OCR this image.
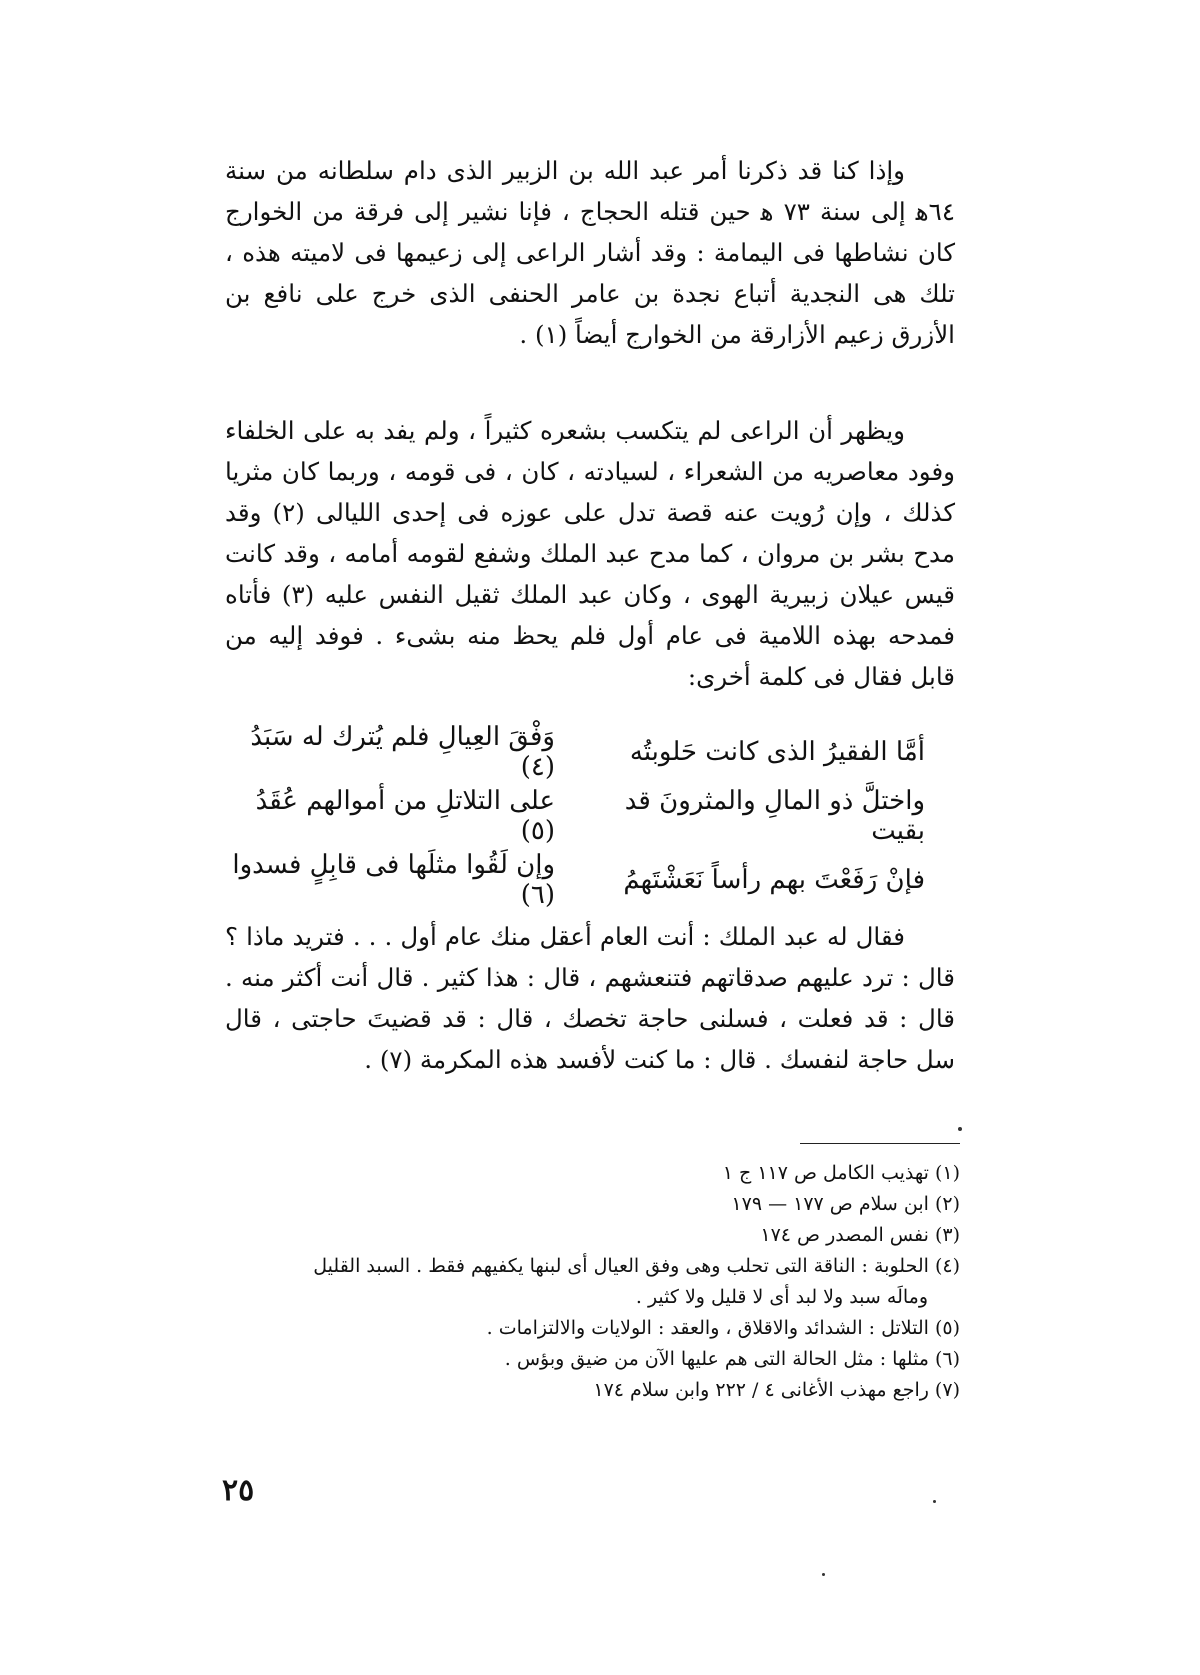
وإذا كنا قد ذكرنا أمر عبد الله بن الزبير الذى دام سلطانه من سنة ٦٤ﻫ إلى سنة ٧٣ ﻫ حين قتله الحجاج ، فإنا نشير إلى فرقة من الخوارج كان نشاطها فى اليمامة : وقد أشار الراعى إلى زعيمها فى لاميته هذه ، تلك هى النجدية أتباع نجدة بن عامر الحنفى الذى خرج على نافع بن الأزرق زعيم الأزارقة من الخوارج أيضاً (١) .

ويظهر أن الراعى لم يتكسب بشعره كثيراً ، ولم يفد به على الخلفاء وفود معاصريه من الشعراء ، لسيادته ، كان ، فى قومه ، وربما كان مثريا كذلك ، وإن رُويت عنه قصة تدل على عوزه فى إحدى الليالى (٢) وقد مدح بشر بن مروان ، كما مدح عبد الملك وشفع لقومه أمامه ، وقد كانت قيس عيلان زبيرية الهوى ، وكان عبد الملك ثقيل النفس عليه (٣) فأتاه فمدحه بهذه اللامية فى عام أول فلم يحظ منه بشىء . فوفد إليه من قابل فقال فى كلمة أخرى:

أمَّا الفقيرُ الذى كانت حَلوبتُه
وَفْقَ العِيالِ فلم يُترك له سَبَدُ (٤)
واختلَّ ذو المالِ والمثرونَ قد بقيت
على التلاتلِ من أموالهم عُقَدُ (٥)
فإنْ رَفَعْتَ بهم رأساً نَعَشْتَهمُ
وإن لَقُوا مثلَها فى قابِلٍ فسدوا (٦)

فقال له عبد الملك : أنت العام أعقل منك عام أول . . . فتريد ماذا ؟ قال : ترد عليهم صدقاتهم فتنعشهم ، قال : هذا كثير . قال أنت أكثر منه . قال : قد فعلت ، فسلنى حاجة تخصك ، قال : قد قضيتَ حاجتى ، قال سل حاجة لنفسك . قال : ما كنت لأفسد هذه المكرمة (٧) .

(١) تهذيب الكامل ص ١١٧ ج ١

(٢) ابن سلام ص ١٧٧ — ١٧٩

(٣) نفس المصدر ص ١٧٤

(٤) الحلوبة : الناقة التى تحلب وهى وفق العيال أى لبنها يكفيهم فقط . السبد القليل

ومالَه سبد ولا لبد أى لا قليل ولا كثير .

(٥) التلاتل : الشدائد والاقلاق ، والعقد : الولايات والالتزامات .

(٦) مثلها : مثل الحالة التى هم عليها الآن من ضيق وبؤس .

(٧) راجع مهذب الأغانى ٤ / ٢٢٢ وابن سلام ١٧٤

٢٥
